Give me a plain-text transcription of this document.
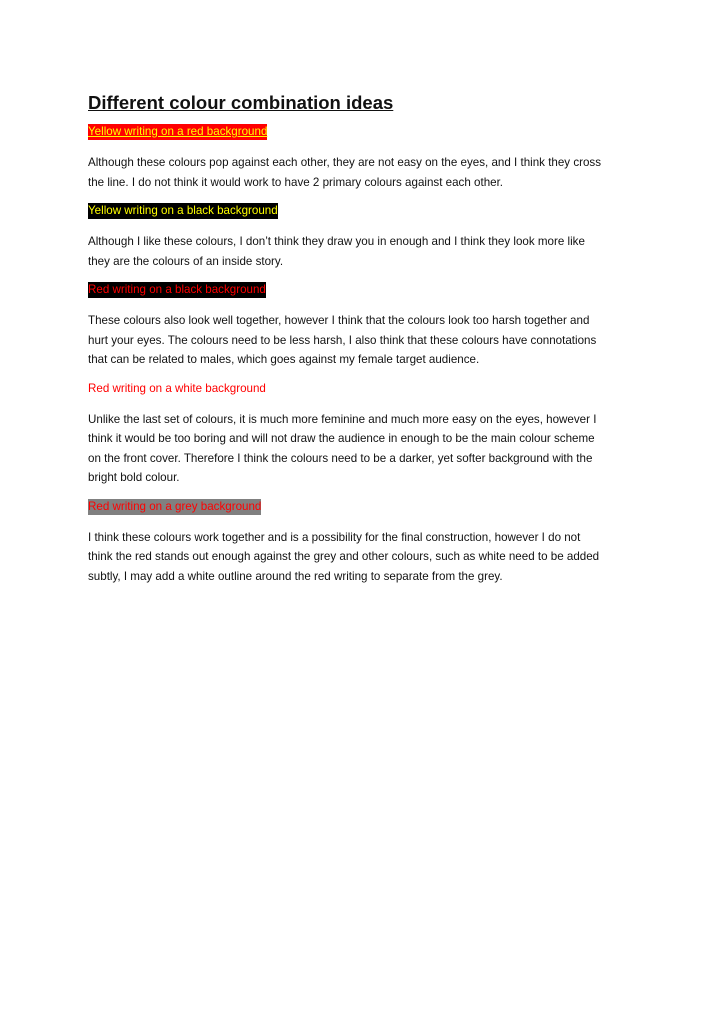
Different colour combination ideas
Yellow writing on a red background
Although these colours pop against each other, they are not easy on the eyes, and I think they cross
the line. I do not think it would work to have 2 primary colours against each other.
Yellow writing on a black background
Although I like these colours, I don’t think they draw you in enough and I think they look more like
they are the colours of an inside story.
Red writing on a black background
These colours also look well together, however I think that the colours look too harsh together and
hurt your eyes. The colours need to be less harsh, I also think that these colours have connotations
that can be related to males, which goes against my female target audience.
Red writing on a white background
Unlike the last set of colours, it is much more feminine and much more easy on the eyes, however I
think it would be too boring and will not draw the audience in enough to be the main colour scheme
on the front cover. Therefore I think the colours need to be a darker, yet softer background with the
bright bold colour.
Red writing on a grey background
I think these colours work together and is a possibility for the final construction, however I do not
think the red stands out enough against the grey and other colours, such as white need to be added
subtly, I may add a white outline around the red writing to separate from the grey.
